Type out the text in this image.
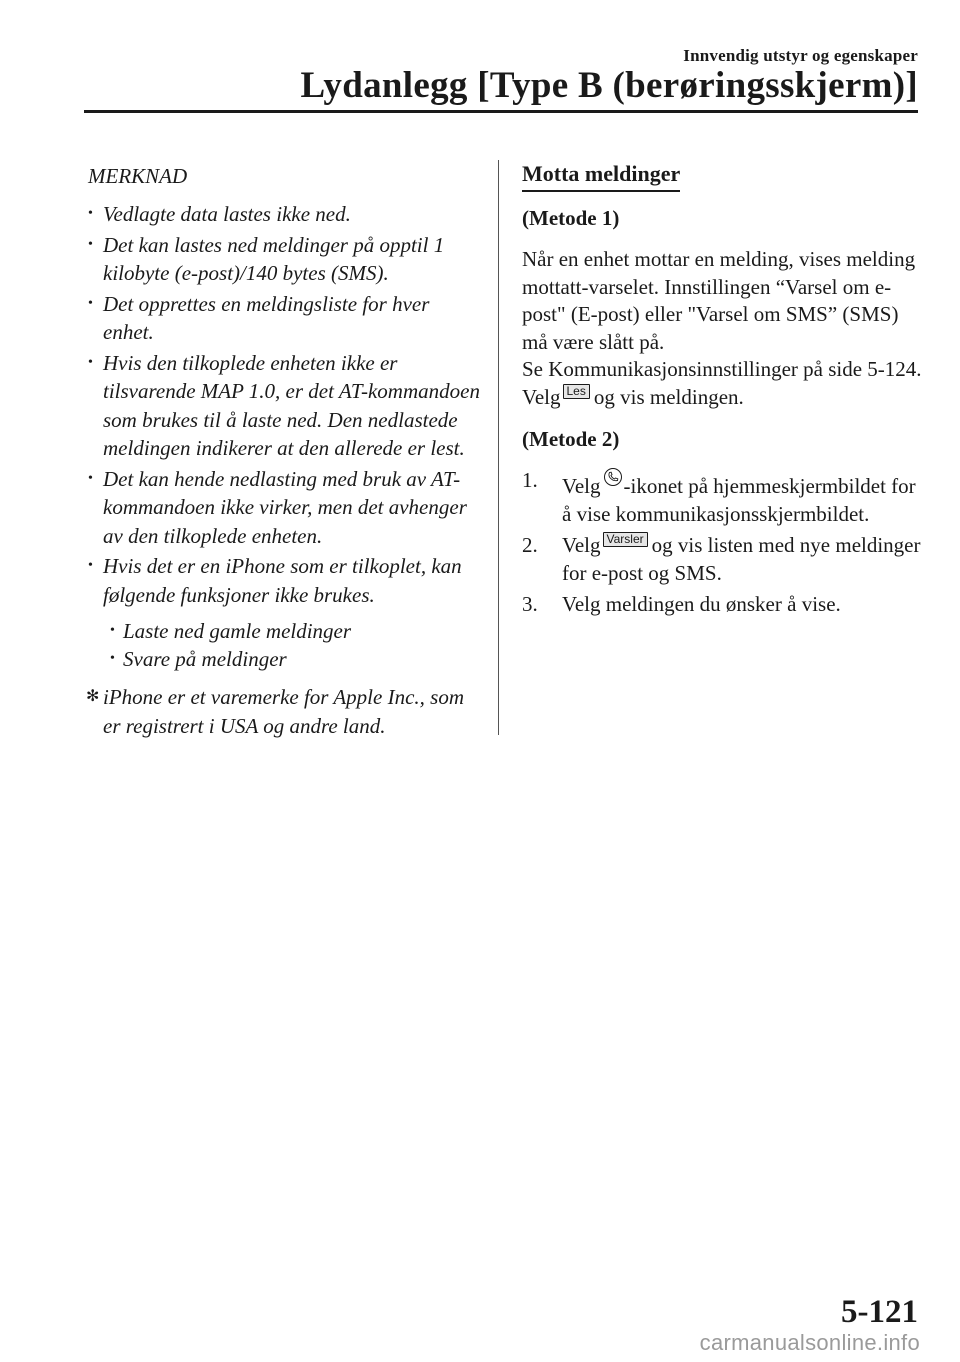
Innvendig utstyr og egenskaper
Lydanlegg [Type B (berøringsskjerm)]
MERKNAD
• Vedlagte data lastes ikke ned.
• Det kan lastes ned meldinger på opptil 1 kilobyte (e-post)/140 bytes (SMS).
• Det opprettes en meldingsliste for hver enhet.
• Hvis den tilkoplede enheten ikke er tilsvarende MAP 1.0, er det AT-kommandoen som brukes til å laste ned. Den nedlastede meldingen indikerer at den allerede er lest.
• Det kan hende nedlasting med bruk av AT-kommandoen ikke virker, men det avhenger av den tilkoplede enheten.
• Hvis det er en iPhone som er tilkoplet, kan følgende funksjoner ikke brukes.
• Laste ned gamle meldinger
• Svare på meldinger
✻ iPhone er et varemerke for Apple Inc., som er registrert i USA og andre land.
Motta meldinger
(Metode 1)
Når en enhet mottar en melding, vises melding mottatt-varselet. Innstillingen “Varsel om e-post" (E-post) eller "Varsel om SMS” (SMS) må være slått på.
Se Kommunikasjonsinnstillinger på side 5-124.
Velg Les og vis meldingen.
(Metode 2)
1. Velg -ikonet på hjemmeskjermbildet for å vise kommunikasjonsskjermbildet.
2. Velg Varsler og vis listen med nye meldinger for e-post og SMS.
3. Velg meldingen du ønsker å vise.
5-121
carmanualsonline.info
